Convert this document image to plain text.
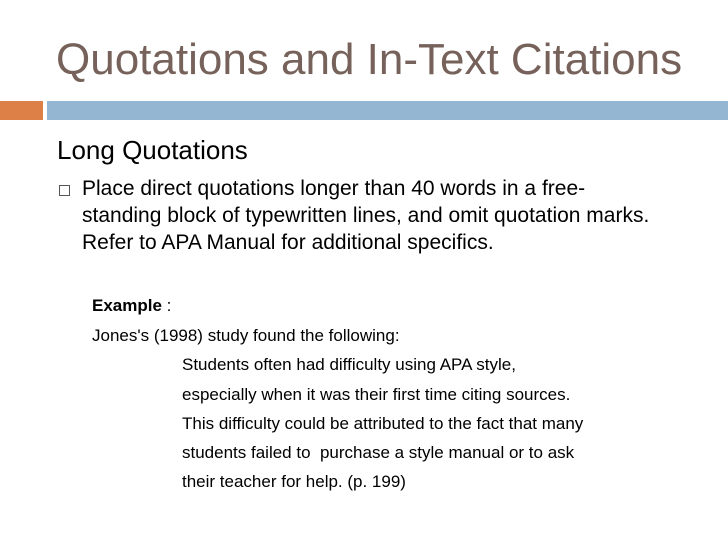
Quotations and In-Text Citations
Long Quotations
Place direct quotations longer than 40 words in a free-standing block of typewritten lines, and omit quotation marks. Refer to APA Manual for additional specifics.
Example :
Jones's (1998) study found the following:
Students often had difficulty using APA style,
especially when it was their first time citing sources.
This difficulty could be attributed to the fact that many
students failed to  purchase a style manual or to ask
their teacher for help. (p. 199)
